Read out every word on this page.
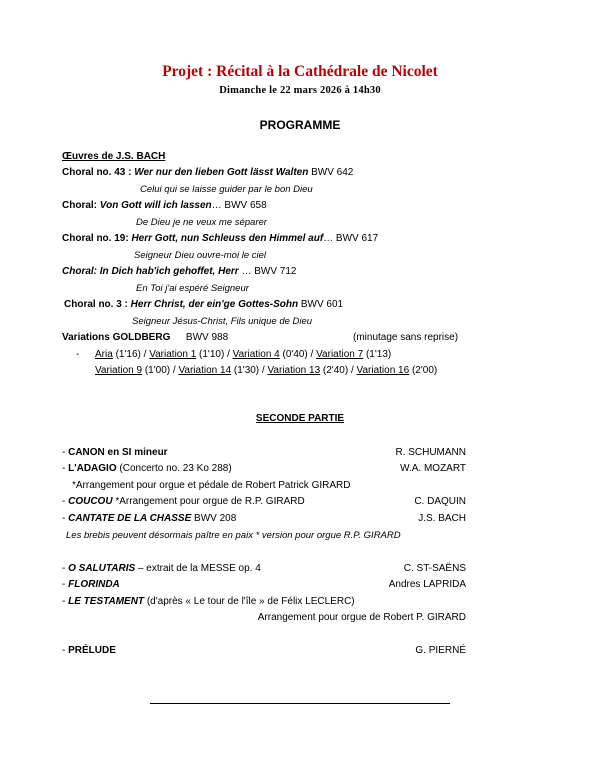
Projet : Récital à la Cathédrale de Nicolet
Dimanche le 22 mars 2026 à 14h30
PROGRAMME
Œuvres de J.S. BACH
Choral no. 43 : Wer nur den lieben Gott lässt Walten BWV 642
Celui qui se laisse guider par le bon Dieu
Choral: Von Gott will ich lassen… BWV 658
De Dieu je ne veux me séparer
Choral no. 19: Herr Gott, nun Schleuss den Himmel auf… BWV 617
Seigneur Dieu ouvre-moi le ciel
Choral: In Dich hab'ich gehoffet, Herr … BWV 712
En Toi j'ai espéré Seigneur
Choral no. 3 : Herr Christ, der ein'ge Gottes-Sohn BWV 601
Seigneur Jésus-Christ, Fils unique de Dieu
Variations GOLDBERG BWV 988	(minutage sans reprise)
- Aria (1'16) / Variation 1 (1'10) / Variation 4 (0'40) / Variation 7 (1'13)
Variation 9 (1'00) / Variation 14 (1'30) / Variation 13 (2'40) / Variation 16 (2'00)
SECONDE PARTIE
- CANON en SI mineur	R. SCHUMANN
- L'ADAGIO (Concerto no. 23 Ko 288)	W.A. MOZART
*Arrangement pour orgue et pédale de Robert Patrick GIRARD
- COUCOU *Arrangement pour orgue de R.P. GIRARD	C. DAQUIN
- CANTATE DE LA CHASSE BWV 208	J.S. BACH
Les brebis peuvent désormais paître en paix * version pour orgue R.P. GIRARD
- O SALUTARIS – extrait de la MESSE op. 4	C. ST-SAËNS
- FLORINDA	Andres LAPRIDA
- LE TESTAMENT (d'après « Le tour de l'île » de Félix LECLERC)
Arrangement pour orgue de Robert P. GIRARD
- PRÉLUDE	G. PIERNÉ
